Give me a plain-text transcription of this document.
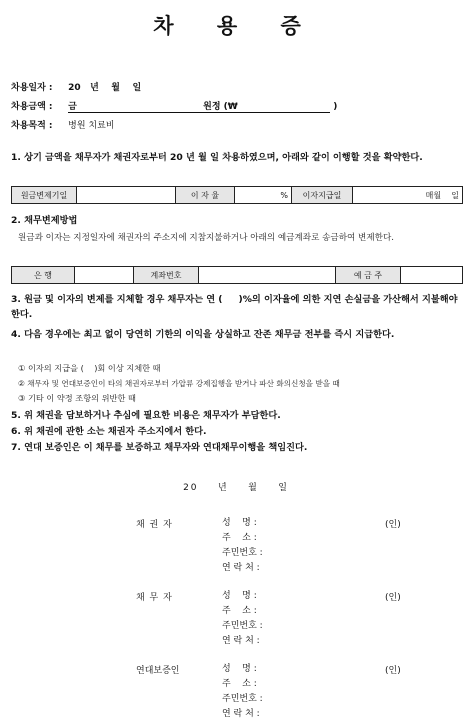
차 용 증
차용일자 : 20   년    월    일
차용금액 : 금	원정 (₩	)
차용목적 : 병원 치료비
1. 상기 금액을 채무자가 채권자로부터 20 년 월 일 차용하였으며, 아래와 같이 이행할 것을 확약한다.
원금변제기일		이 자 율	%	이자지급일	매월    일
2. 채무변제방법
원금과 이자는 지정일자에 채권자의 주소지에 지참지불하거나 아래의 예금계좌로 송금하여 변제한다.
은 행		계좌번호		예 금 주	
3. 원금 및 이자의 변제를 지체할 경우 채무자는 연 (     )%의 이자율에 의한 지연 손실금을 가산해서 지불해야 한다.
4. 다음 경우에는 최고 없이 당연히 기한의 이익을 상실하고 잔존 채무금 전부를 즉시 지급한다.
① 이자의 지급을 (    )회 이상 지체한 때
② 채무자 및 연대보증인이 타의 채권자로부터 가압류 강제집행을 받거나 파산 화의신청을 받을 때
③ 기타 이 약정 조항의 위반한 때
5. 위 채권을 담보하거나 추심에 필요한 비용은 채무자가 부담한다.
6. 위 채권에 관한 소는 채권자 주소지에서 한다.
7. 연대 보증인은 이 채무를 보증하고 채무자와 연대채무이행을 책임진다.
20    년    월    일
채 권 자	성    명 :
주    소 :
주민번호 :
연 락 처 :
(인)
채 무 자	성    명 :
주    소 :
주민번호 :
연 락 처 :
(인)
연대보증인	성    명 :
주    소 :
주민번호 :
연 락 처 :
(인)
